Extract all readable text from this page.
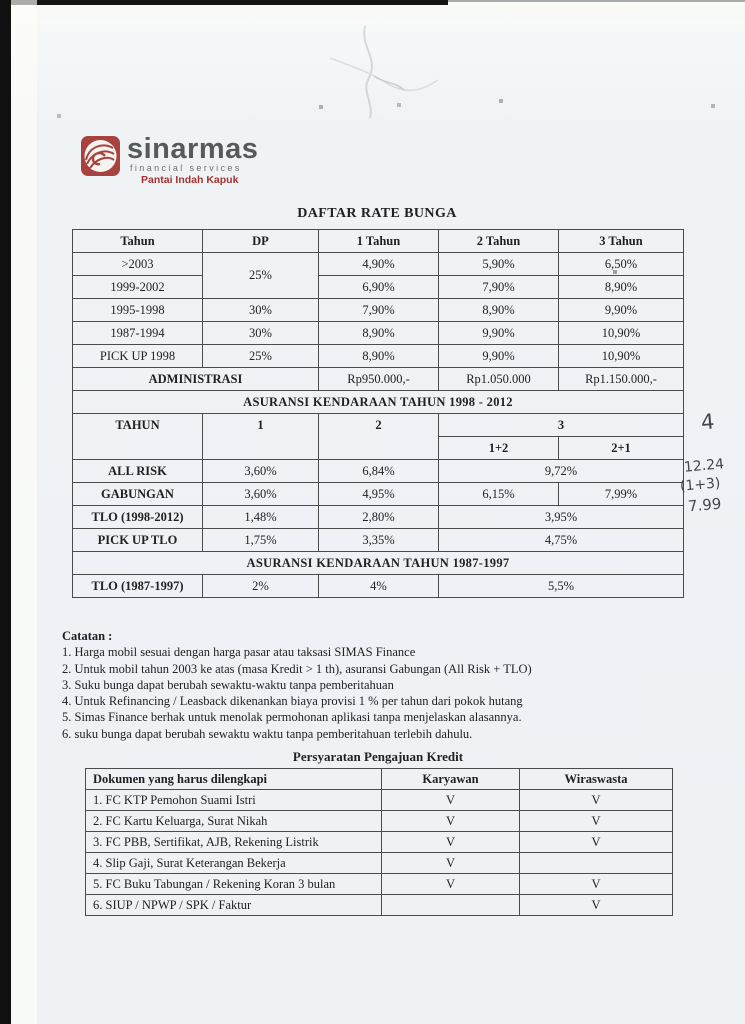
sinarmas
financial services
Pantai Indah Kapuk
DAFTAR RATE BUNGA
Tahun	DP	1 Tahun	2 Tahun	3 Tahun
>2003	25%	4,90%	5,90%	6,50%
1999-2002		6,90%	7,90%	8,90%
1995-1998	30%	7,90%	8,90%	9,90%
1987-1994	30%	8,90%	9,90%	10,90%
PICK UP 1998	25%	8,90%	9,90%	10,90%
ADMINISTRASI		Rp950.000,-	Rp1.050.000	Rp1.150.000,-
ASURANSI KENDARAAN TAHUN 1998 - 2012				
TAHUN	1	2	3	
			1+2	2+1
ALL RISK	3,60%	6,84%	9,72%	
GABUNGAN	3,60%	4,95%	6,15%	7,99%
TLO (1998-2012)	1,48%	2,80%	3,95%	
PICK UP TLO	1,75%	3,35%	4,75%	
ASURANSI KENDARAAN TAHUN 1987-1997				
TLO (1987-1997)	2%	4%	5,5%	
Catatan :
1. Harga mobil sesuai dengan harga pasar atau taksasi SIMAS Finance
2. Untuk mobil tahun 2003 ke atas (masa Kredit > 1 th), asuransi Gabungan (All Risk + TLO)
3. Suku bunga dapat berubah sewaktu-waktu tanpa pemberitahuan
4. Untuk Refinancing / Leasback dikenankan biaya provisi 1 % per tahun dari pokok hutang
5. Simas Finance berhak untuk menolak permohonan aplikasi tanpa menjelaskan alasannya.
6. suku bunga dapat berubah sewaktu waktu tanpa pemberitahuan terlebih dahulu.
Persyaratan Pengajuan Kredit
Dokumen yang harus dilengkapi	Karyawan	Wiraswasta
1. FC KTP Pemohon Suami Istri	V	V
2. FC Kartu Keluarga, Surat Nikah	V	V
3. FC PBB, Sertifikat, AJB, Rekening Listrik	V	V
4. Slip Gaji, Surat Keterangan Bekerja	V	
5. FC Buku Tabungan / Rekening Koran 3 bulan	V	V
6. SIUP / NPWP / SPK / Faktur		V
4
12.24
(1+3)
7.99
